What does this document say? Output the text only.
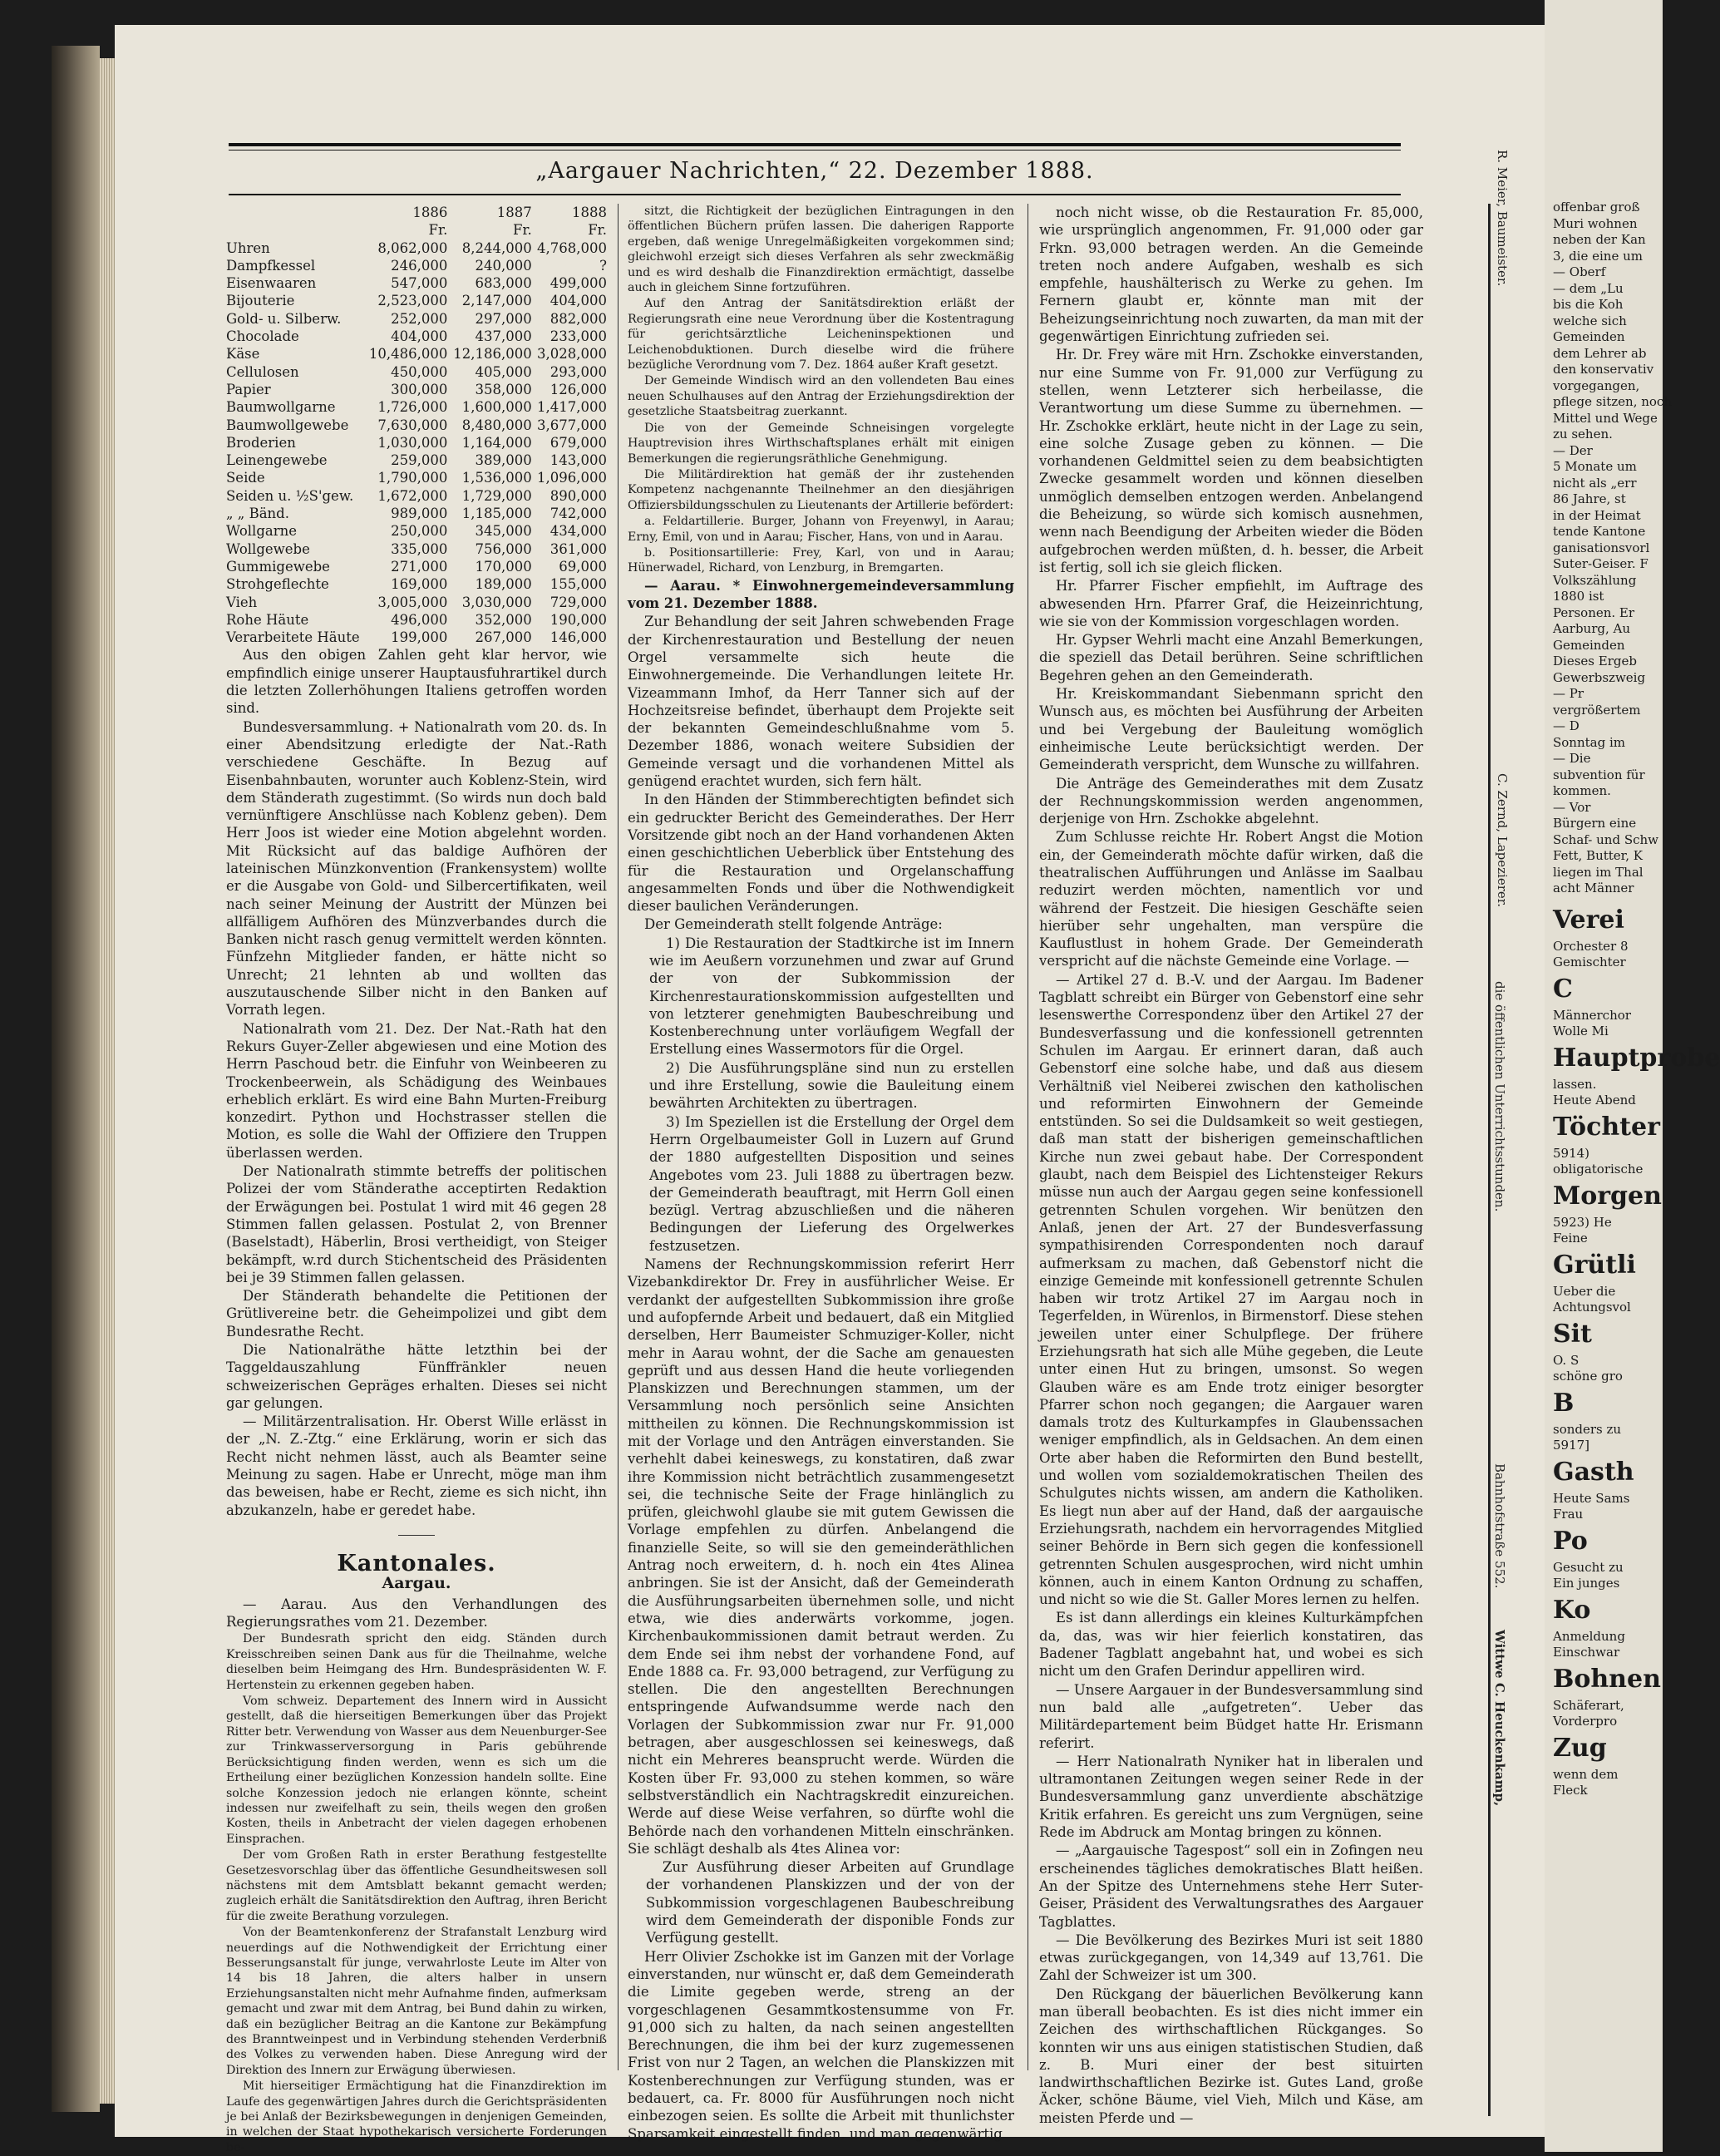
„Aargauer Nachrichten,“ 22. Dezember 1888.
	1886	1887	1888
	Fr.	Fr.	Fr.
Uhren	8,062,000	8,244,000	4,768,000
Dampfkessel	246,000	240,000	?
Eisenwaaren	547,000	683,000	499,000
Bijouterie	2,523,000	2,147,000	404,000
Gold- u. Silberw.	252,000	297,000	882,000
Chocolade	404,000	437,000	233,000
Käse	10,486,000	12,186,000	3,028,000
Cellulosen	450,000	405,000	293,000
Papier	300,000	358,000	126,000
Baumwollgarne	1,726,000	1,600,000	1,417,000
Baumwollgewebe	7,630,000	8,480,000	3,677,000
Broderien	1,030,000	1,164,000	679,000
Leinengewebe	259,000	389,000	143,000
Seide	1,790,000	1,536,000	1,096,000
Seiden u. ½S'gew.	1,672,000	1,729,000	890,000
„ „ Bänd.	989,000	1,185,000	742,000
Wollgarne	250,000	345,000	434,000
Wollgewebe	335,000	756,000	361,000
Gummigewebe	271,000	170,000	69,000
Strohgeflechte	169,000	189,000	155,000
Vieh	3,005,000	3,030,000	729,000
Rohe Häute	496,000	352,000	190,000
Verarbeitete Häute	199,000	267,000	146,000

Aus den obigen Zahlen geht klar hervor, wie empfindlich einige unserer Hauptausfuhrartikel durch die letzten Zollerhöhungen Italiens getroffen worden sind.

Bundesversammlung. + Nationalrath vom 20. ds. In einer Abendsitzung erledigte der Nat.-Rath verschiedene Geschäfte. In Bezug auf Eisenbahnbauten, worunter auch Koblenz-Stein, wird dem Ständerath zugestimmt. (So wirds nun doch bald vernünftigere Anschlüsse nach Koblenz geben). Dem Herr Joos ist wieder eine Motion abgelehnt worden. Mit Rücksicht auf das baldige Aufhören der lateinischen Münzkonvention (Frankensystem) wollte er die Ausgabe von Gold- und Silbercertifikaten, weil nach seiner Meinung der Austritt der Münzen bei allfälligem Aufhören des Münzverbandes durch die Banken nicht rasch genug vermittelt werden könnten. Fünfzehn Mitglieder fanden, er hätte nicht so Unrecht; 21 lehnten ab und wollten das auszutauschende Silber nicht in den Banken auf Vorrath legen.

Nationalrath vom 21. Dez. Der Nat.-Rath hat den Rekurs Guyer-Zeller abgewiesen und eine Motion des Herrn Paschoud betr. die Einfuhr von Weinbeeren zu Trockenbeerwein, als Schädigung des Weinbaues erheblich erklärt. Es wird eine Bahn Murten-Freiburg konzedirt. Python und Hochstrasser stellen die Motion, es solle die Wahl der Offiziere den Truppen überlassen werden.

Der Nationalrath stimmte betreffs der politischen Polizei der vom Ständerathe acceptirten Redaktion der Erwägungen bei. Postulat 1 wird mit 46 gegen 28 Stimmen fallen gelassen. Postulat 2, von Brenner (Baselstadt), Häberlin, Brosi vertheidigt, von Steiger bekämpft, w.rd durch Stichentscheid des Präsidenten bei je 39 Stimmen fallen gelassen.

Der Ständerath behandelte die Petitionen der Grütlivereine betr. die Geheimpolizei und gibt dem Bundesrathe Recht.

Die Nationalräthe hätte letzthin bei der Taggeldauszahlung Fünffränkler neuen schweizerischen Gepräges erhalten. Dieses sei nicht gar gelungen.

— Militärzentralisation. Hr. Oberst Wille erlässt in der „N. Z.-Ztg.“ eine Erklärung, worin er sich das Recht nicht nehmen lässt, auch als Beamter seine Meinung zu sagen. Habe er Unrecht, möge man ihm das beweisen, habe er Recht, zieme es sich nicht, ihn abzukanzeln, habe er geredet habe.

Kantonales.
Aargau.

— Aarau. Aus den Verhandlungen des Regierungsrathes vom 21. Dezember.

Der Bundesrath spricht den eidg. Ständen durch Kreisschreiben seinen Dank aus für die Theilnahme, welche dieselben beim Heimgang des Hrn. Bundespräsidenten W. F. Hertenstein zu erkennen gegeben haben.

Vom schweiz. Departement des Innern wird in Aussicht gestellt, daß die hierseitigen Bemerkungen über das Projekt Ritter betr. Verwendung von Wasser aus dem Neuenburger-See zur Trinkwasserversorgung in Paris gebührende Berücksichtigung finden werden, wenn es sich um die Ertheilung einer bezüglichen Konzession handeln sollte. Eine solche Konzession jedoch nie erlangen könnte, scheint indessen nur zweifelhaft zu sein, theils wegen den großen Kosten, theils in Anbetracht der vielen dagegen erhobenen Einsprachen.

Der vom Großen Rath in erster Berathung festgestellte Gesetzesvorschlag über das öffentliche Gesundheitswesen soll nächstens mit dem Amtsblatt bekannt gemacht werden; zugleich erhält die Sanitätsdirektion den Auftrag, ihren Bericht für die zweite Berathung vorzulegen.

Von der Beamtenkonferenz der Strafanstalt Lenzburg wird neuerdings auf die Nothwendigkeit der Errichtung einer Besserungsanstalt für junge, verwahrloste Leute im Alter von 14 bis 18 Jahren, die alters halber in unsern Erziehungsanstalten nicht mehr Aufnahme finden, aufmerksam gemacht und zwar mit dem Antrag, bei Bund dahin zu wirken, daß ein bezüglicher Beitrag an die Kantone zur Bekämpfung des Branntweinpest und in Verbindung stehenden Verderbniß des Volkes zu verwenden haben. Diese Anregung wird der Direktion des Innern zur Erwägung überwiesen.

Mit hierseitiger Ermächtigung hat die Finanzdirektion im Laufe des gegenwärtigen Jahres durch die Gerichtspräsidenten je bei Anlaß der Bezirksbewegungen in denjenigen Gemeinden, in welchen der Staat hypothekarisch versicherte Forderungen be-

sitzt, die Richtigkeit der bezüglichen Eintragungen in den öffentlichen Büchern prüfen lassen. Die daherigen Rapporte ergeben, daß wenige Unregelmäßigkeiten vorgekommen sind; gleichwohl erzeigt sich dieses Verfahren als sehr zweckmäßig und es wird deshalb die Finanzdirektion ermächtigt, dasselbe auch in gleichem Sinne fortzuführen.

Auf den Antrag der Sanitätsdirektion erläßt der Regierungsrath eine neue Verordnung über die Kostentragung für gerichtsärztliche Leicheninspektionen und Leichenobduktionen. Durch dieselbe wird die frühere bezügliche Verordnung vom 7. Dez. 1864 außer Kraft gesetzt.

Der Gemeinde Windisch wird an den vollendeten Bau eines neuen Schulhauses auf den Antrag der Erziehungsdirektion der gesetzliche Staatsbeitrag zuerkannt.

Die von der Gemeinde Schneisingen vorgelegte Hauptrevision ihres Wirthschaftsplanes erhält mit einigen Bemerkungen die regierungsräthliche Genehmigung.

Die Militärdirektion hat gemäß der ihr zustehenden Kompetenz nachgenannte Theilnehmer an den diesjährigen Offiziersbildungsschulen zu Lieutenants der Artillerie befördert:

a. Feldartillerie. Burger, Johann von Freyenwyl, in Aarau; Erny, Emil, von und in Aarau; Fischer, Hans, von und in Aarau.

b. Positionsartillerie: Frey, Karl, von und in Aarau; Hünerwadel, Richard, von Lenzburg, in Bremgarten.

— Aarau. * Einwohnergemeindeversammlung vom 21. Dezember 1888.

Zur Behandlung der seit Jahren schwebenden Frage der Kirchenrestauration und Bestellung der neuen Orgel versammelte sich heute die Einwohnergemeinde. Die Verhandlungen leitete Hr. Vizeammann Imhof, da Herr Tanner sich auf der Hochzeitsreise befindet, überhaupt dem Projekte seit der bekannten Gemeindeschlußnahme vom 5. Dezember 1886, wonach weitere Subsidien der Gemeinde versagt und die vorhandenen Mittel als genügend erachtet wurden, sich fern hält.

In den Händen der Stimmberechtigten befindet sich ein gedruckter Bericht des Gemeinderathes. Der Herr Vorsitzende gibt noch an der Hand vorhandenen Akten einen geschichtlichen Ueberblick über Entstehung des für die Restauration und Orgelanschaffung angesammelten Fonds und über die Nothwendigkeit dieser baulichen Veränderungen.

Der Gemeinderath stellt folgende Anträge:

1) Die Restauration der Stadtkirche ist im Innern wie im Aeußern vorzunehmen und zwar auf Grund der von der Subkommission der Kirchenrestaurationskommission aufgestellten und von letzterer genehmigten Baubeschreibung und Kostenberechnung unter vorläufigem Wegfall der Erstellung eines Wassermotors für die Orgel.

2) Die Ausführungspläne sind nun zu erstellen und ihre Erstellung, sowie die Bauleitung einem bewährten Architekten zu übertragen.

3) Im Speziellen ist die Erstellung der Orgel dem Herrn Orgelbaumeister Goll in Luzern auf Grund der 1880 aufgestellten Disposition und seines Angebotes vom 23. Juli 1888 zu übertragen bezw. der Gemeinderath beauftragt, mit Herrn Goll einen bezügl. Vertrag abzuschließen und die näheren Bedingungen der Lieferung des Orgelwerkes festzusetzen.

Namens der Rechnungskommission referirt Herr Vizebankdirektor Dr. Frey in ausführlicher Weise. Er verdankt der aufgestellten Subkommission ihre große und aufopfernde Arbeit und bedauert, daß ein Mitglied derselben, Herr Baumeister Schmuziger-Koller, nicht mehr in Aarau wohnt, der die Sache am genauesten geprüft und aus dessen Hand die heute vorliegenden Planskizzen und Berechnungen stammen, um der Versammlung noch persönlich seine Ansichten mittheilen zu können. Die Rechnungskommission ist mit der Vorlage und den Anträgen einverstanden. Sie verhehlt dabei keineswegs, zu konstatiren, daß zwar ihre Kommission nicht beträchtlich zusammengesetzt sei, die technische Seite der Frage hinlänglich zu prüfen, gleichwohl glaube sie mit gutem Gewissen die Vorlage empfehlen zu dürfen. Anbelangend die finanzielle Seite, so will sie den gemeinderäthlichen Antrag noch erweitern, d. h. noch ein 4tes Alinea anbringen. Sie ist der Ansicht, daß der Gemeinderath die Ausführungsarbeiten übernehmen solle, und nicht etwa, wie dies anderwärts vorkomme, jogen. Kirchenbaukommissionen damit betraut werden. Zu dem Ende sei ihm nebst der vorhandene Fond, auf Ende 1888 ca. Fr. 93,000 betragend, zur Verfügung zu stellen. Die den angestellten Berechnungen entspringende Aufwandsumme werde nach den Vorlagen der Subkommission zwar nur Fr. 91,000 betragen, aber ausgeschlossen sei keineswegs, daß nicht ein Mehreres beansprucht werde. Würden die Kosten über Fr. 93,000 zu stehen kommen, so wäre selbstverständlich ein Nachtragskredit einzureichen. Werde auf diese Weise verfahren, so dürfte wohl die Behörde nach den vorhandenen Mitteln einschränken. Sie schlägt deshalb als 4tes Alinea vor:

Zur Ausführung dieser Arbeiten auf Grundlage der vorhandenen Planskizzen und der von der Subkommission vorgeschlagenen Baubeschreibung wird dem Gemeinderath der disponible Fonds zur Verfügung gestellt.

Herr Olivier Zschokke ist im Ganzen mit der Vorlage einverstanden, nur wünscht er, daß dem Gemeinderath die Limite gegeben werde, streng an der vorgeschlagenen Gesammtkostensumme von Fr. 91,000 sich zu halten, da nach seinen angestellten Berechnungen, die ihm bei der kurz zugemessenen Frist von nur 2 Tagen, an welchen die Planskizzen mit Kostenberechnungen zur Verfügung stunden, was er bedauert, ca. Fr. 8000 für Ausführungen noch nicht einbezogen seien. Es sollte die Arbeit mit thunlichster Sparsamkeit eingestellt finden, und man gegenwärtig

noch nicht wisse, ob die Restauration Fr. 85,000, wie ursprünglich angenommen, Fr. 91,000 oder gar Frkn. 93,000 betragen werden. An die Gemeinde treten noch andere Aufgaben, weshalb es sich empfehle, haushälterisch zu Werke zu gehen. Im Fernern glaubt er, könnte man mit der Beheizungseinrichtung noch zuwarten, da man mit der gegenwärtigen Einrichtung zufrieden sei.

Hr. Dr. Frey wäre mit Hrn. Zschokke einverstanden, nur eine Summe von Fr. 91,000 zur Verfügung zu stellen, wenn Letzterer sich herbeilasse, die Verantwortung um diese Summe zu übernehmen. — Hr. Zschokke erklärt, heute nicht in der Lage zu sein, eine solche Zusage geben zu können. — Die vorhandenen Geldmittel seien zu dem beabsichtigten Zwecke gesammelt worden und können dieselben unmöglich demselben entzogen werden. Anbelangend die Beheizung, so würde sich komisch ausnehmen, wenn nach Beendigung der Arbeiten wieder die Böden aufgebrochen werden müßten, d. h. besser, die Arbeit ist fertig, soll ich sie gleich flicken.

Hr. Pfarrer Fischer empfiehlt, im Auftrage des abwesenden Hrn. Pfarrer Graf, die Heizeinrichtung, wie sie von der Kommission vorgeschlagen worden.

Hr. Gypser Wehrli macht eine Anzahl Bemerkungen, die speziell das Detail berühren. Seine schriftlichen Begehren gehen an den Gemeinderath.

Hr. Kreiskommandant Siebenmann spricht den Wunsch aus, es möchten bei Ausführung der Arbeiten und bei Vergebung der Bauleitung womöglich einheimische Leute berücksichtigt werden. Der Gemeinderath verspricht, dem Wunsche zu willfahren.

Die Anträge des Gemeinderathes mit dem Zusatz der Rechnungskommission werden angenommen, derjenige von Hrn. Zschokke abgelehnt.

Zum Schlusse reichte Hr. Robert Angst die Motion ein, der Gemeinderath möchte dafür wirken, daß die theatralischen Aufführungen und Anlässe im Saalbau reduzirt werden möchten, namentlich vor und während der Festzeit. Die hiesigen Geschäfte seien hierüber sehr ungehalten, man verspüre die Kauflustlust in hohem Grade. Der Gemeinderath verspricht auf die nächste Gemeinde eine Vorlage. —

— Artikel 27 d. B.-V. und der Aargau. Im Badener Tagblatt schreibt ein Bürger von Gebenstorf eine sehr lesenswerthe Correspondenz über den Artikel 27 der Bundesverfassung und die konfessionell getrennten Schulen im Aargau. Er erinnert daran, daß auch Gebenstorf eine solche habe, und daß aus diesem Verhältniß viel Neiberei zwischen den katholischen und reformirten Einwohnern der Gemeinde entstünden. So sei die Duldsamkeit so weit gestiegen, daß man statt der bisherigen gemeinschaftlichen Kirche nun zwei gebaut habe. Der Correspondent glaubt, nach dem Beispiel des Lichtensteiger Rekurs müsse nun auch der Aargau gegen seine konfessionell getrennten Schulen vorgehen. Wir benützen den Anlaß, jenen der Art. 27 der Bundesverfassung sympathisirenden Correspondenten noch darauf aufmerksam zu machen, daß Gebenstorf nicht die einzige Gemeinde mit konfessionell getrennte Schulen haben wir trotz Artikel 27 im Aargau noch in Tegerfelden, in Würenlos, in Birmenstorf. Diese stehen jeweilen unter einer Schulpflege. Der frühere Erziehungsrath hat sich alle Mühe gegeben, die Leute unter einen Hut zu bringen, umsonst. So wegen Glauben wäre es am Ende trotz einiger besorgter Pfarrer schon noch gegangen; die Aargauer waren damals trotz des Kulturkampfes in Glaubenssachen weniger empfindlich, als in Geldsachen. An dem einen Orte aber haben die Reformirten den Bund bestellt, und wollen vom sozialdemokratischen Theilen des Schulgutes nichts wissen, am andern die Katholiken. Es liegt nun aber auf der Hand, daß der aargauische Erziehungsrath, nachdem ein hervorragendes Mitglied seiner Behörde in Bern sich gegen die konfessionell getrennten Schulen ausgesprochen, wird nicht umhin können, auch in einem Kanton Ordnung zu schaffen, und nicht so wie die St. Galler Mores lernen zu helfen.

Es ist dann allerdings ein kleines Kulturkämpfchen da, das, was wir hier feierlich konstatiren, das Badener Tagblatt angebahnt hat, und wobei es sich nicht um den Grafen Derindur appelliren wird.

— Unsere Aargauer in der Bundesversammlung sind nun bald alle „aufgetreten“. Ueber das Militärdepartement beim Büdget hatte Hr. Erismann referirt.

— Herr Nationalrath Nyniker hat in liberalen und ultramontanen Zeitungen wegen seiner Rede in der Bundesversammlung ganz unverdiente abschätzige Kritik erfahren. Es gereicht uns zum Vergnügen, seine Rede im Abdruck am Montag bringen zu können.

— „Aargauische Tagespost“ soll ein in Zofingen neu erscheinendes tägliches demokratisches Blatt heißen. An der Spitze des Unternehmens stehe Herr Suter-Geiser, Präsident des Verwaltungsrathes des Aargauer Tagblattes.

— Die Bevölkerung des Bezirkes Muri ist seit 1880 etwas zurückgegangen, von 14,349 auf 13,761. Die Zahl der Schweizer ist um 300.

Den Rückgang der bäuerlichen Bevölkerung kann man überall beobachten. Es ist dies nicht immer ein Zeichen des wirthschaftlichen Rückganges. So konnten wir uns aus einigen statistischen Studien, daß z. B. Muri einer der best situirten landwirthschaftlichen Bezirke ist. Gutes Land, große Äcker, schöne Bäume, viel Vieh, Milch und Käse, am meisten Pferde und —

Bahnhofstraße 552.
Wittwe C. Heuckenkamp,
die öffentlichen Unterrichtsstunden.
C. Zernd, Lapezierer.
R. Meier, Baumeister.	offenbar groß
Muri wohnen
neben der Kan
3, die eine um
— Oberf
— dem „Lu
bis die Koh
welche sich
Gemeinden
dem Lehrer ab
den konservativ
vorgegangen,
pflege sitzen, noch
Mittel und Wege
zu sehen.
— Der
5 Monate um
nicht als „err
86 Jahre, st
in der Heimat
tende Kantone
ganisationsvorl
Suter-Geiser. F
Volkszählung
1880 ist
Personen. Er
Aarburg, Au
Gemeinden
Dieses Ergeb
Gewerbszweig
— Pr
vergrößertem
— D
Sonntag im
— Die
subvention für
kommen.
— Vor
Bürgern eine
Schaf- und Schw
Fett, Butter, K
liegen im Thal
acht Männer
Verei
Orchester 8
Gemischter
C
Männerchor
Wolle Mi
Hauptprobe
lassen.
Heute Abend
Töchter
5914)
obligatorische
Morgen
5923) He
Feine
Grütli
Ueber die
Achtungsvol
Sit
O. S
schöne gro
B
sonders zu
5917]
Gasth
Heute Sams
Frau
Po
Gesucht zu
Ein junges
Ko
Anmeldung
Einschwar
Bohnen
Schäferart,
Vorderpro
Zug
wenn dem
Fleck
